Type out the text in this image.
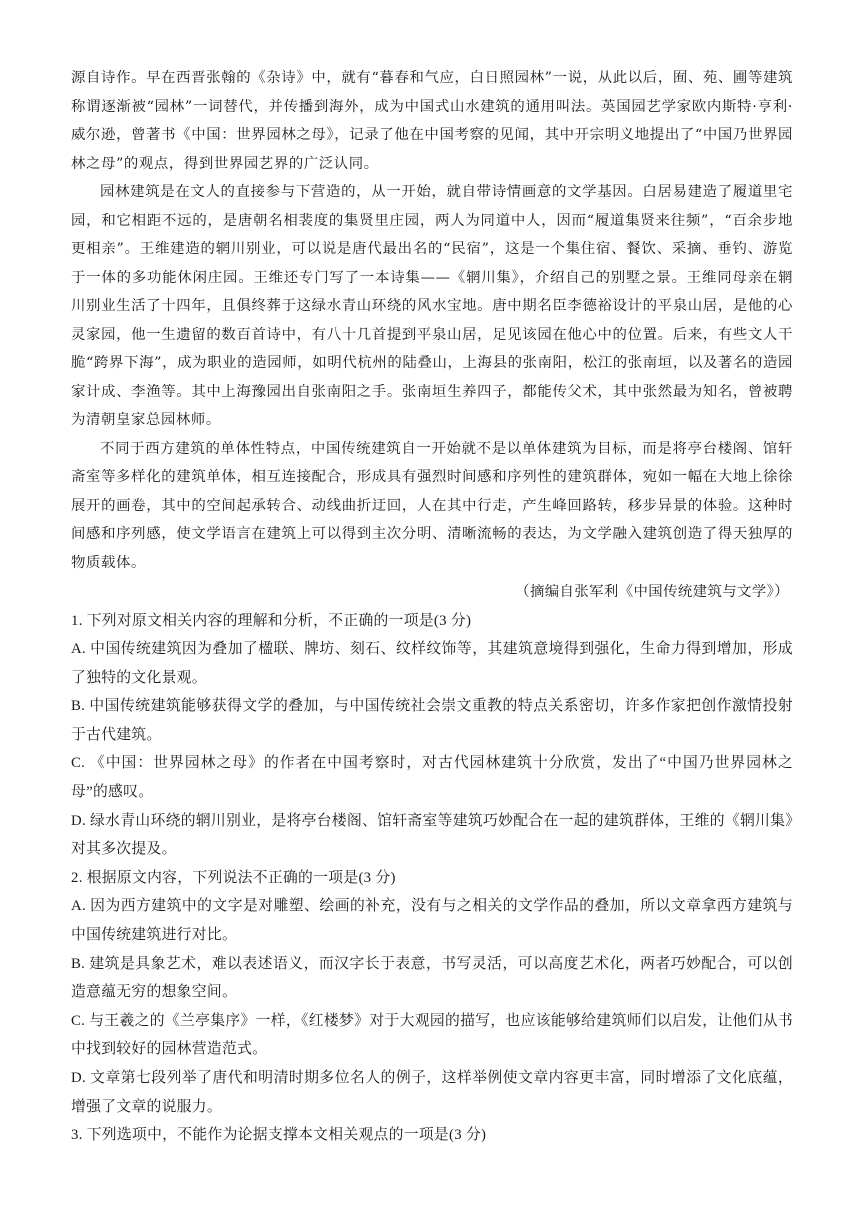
源自诗作。早在西晋张翰的《杂诗》中，就有“暮春和气应，白日照园林”一说，从此以后，囿、苑、圃等建筑称谓逐渐被“园林”一词替代，并传播到海外，成为中国式山水建筑的通用叫法。英国园艺学家欧内斯特·亨利·威尔逊，曾著书《中国：世界园林之母》，记录了他在中国考察的见闻，其中开宗明义地提出了“中国乃世界园林之母”的观点，得到世界园艺界的广泛认同。

园林建筑是在文人的直接参与下营造的，从一开始，就自带诗情画意的文学基因。白居易建造了履道里宅园，和它相距不远的，是唐朝名相裴度的集贤里庄园，两人为同道中人，因而“履道集贤来往频”，“百余步地更相亲”。王维建造的辋川别业，可以说是唐代最出名的“民宿”，这是一个集住宿、餐饮、采摘、垂钓、游览于一体的多功能休闲庄园。王维还专门写了一本诗集——《辋川集》，介绍自己的别墅之景。王维同母亲在辋川别业生活了十四年，且俱终葬于这绿水青山环绕的风水宝地。唐中期名臣李德裕设计的平泉山居，是他的心灵家园，他一生遗留的数百首诗中，有八十几首提到平泉山居，足见该园在他心中的位置。后来，有些文人干脆“跨界下海”，成为职业的造园师，如明代杭州的陆叠山，上海县的张南阳，松江的张南垣，以及著名的造园家计成、李渔等。其中上海豫园出自张南阳之手。张南垣生养四子，都能传父术，其中张然最为知名，曾被聘为清朝皇家总园林师。

不同于西方建筑的单体性特点，中国传统建筑自一开始就不是以单体建筑为目标，而是将亭台楼阁、馆轩斋室等多样化的建筑单体，相互连接配合，形成具有强烈时间感和序列性的建筑群体，宛如一幅在大地上徐徐展开的画卷，其中的空间起承转合、动线曲折迂回，人在其中行走，产生峰回路转，移步异景的体验。这种时间感和序列感，使文学语言在建筑上可以得到主次分明、清晰流畅的表达，为文学融入建筑创造了得天独厚的物质载体。

（摘编自张军利《中国传统建筑与文学》）

1. 下列对原文相关内容的理解和分析，不正确的一项是(3 分)

A. 中国传统建筑因为叠加了楹联、牌坊、刻石、纹样纹饰等，其建筑意境得到强化，生命力得到增加，形成了独特的文化景观。

B. 中国传统建筑能够获得文学的叠加，与中国传统社会崇文重教的特点关系密切，许多作家把创作激情投射于古代建筑。

C. 《中国：世界园林之母》的作者在中国考察时，对古代园林建筑十分欣赏，发出了“中国乃世界园林之母”的感叹。

D. 绿水青山环绕的辋川别业，是将亭台楼阁、馆轩斋室等建筑巧妙配合在一起的建筑群体，王维的《辋川集》对其多次提及。

2. 根据原文内容，下列说法不正确的一项是(3 分)

A. 因为西方建筑中的文字是对雕塑、绘画的补充，没有与之相关的文学作品的叠加，所以文章拿西方建筑与中国传统建筑进行对比。

B. 建筑是具象艺术，难以表述语义，而汉字长于表意，书写灵活，可以高度艺术化，两者巧妙配合，可以创造意蕴无穷的想象空间。

C. 与王羲之的《兰亭集序》一样，《红楼梦》对于大观园的描写，也应该能够给建筑师们以启发，让他们从书中找到较好的园林营造范式。

D. 文章第七段列举了唐代和明清时期多位名人的例子，这样举例使文章内容更丰富，同时增添了文化底蕴，增强了文章的说服力。

3. 下列选项中，不能作为论据支撑本文相关观点的一项是(3 分)
